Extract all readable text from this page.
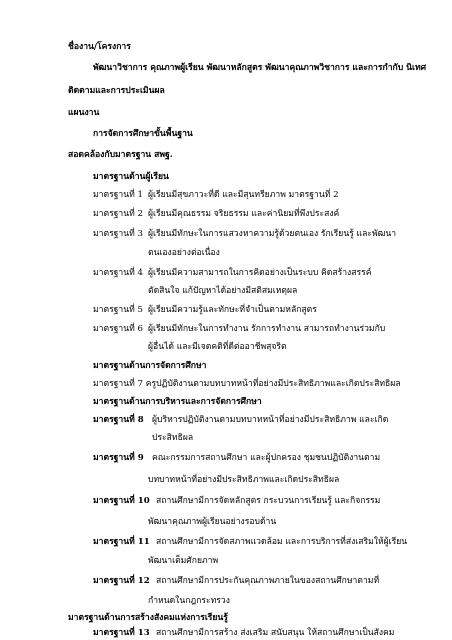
ชื่องาน/โครงการ
พัฒนาวิชาการ คุณภาพผู้เรียน พัฒนาหลักสูตร พัฒนาคุณภาพวิชาการ และการกำกับ นิเทศ
ติดตามและการประเมินผล
แผนงาน
การจัดการศึกษาขั้นพื้นฐาน
สอดคล้องกับมาตรฐาน สพฐ.
มาตรฐานด้านผู้เรียน
มาตรฐานที่ 1 ผู้เรียนมีสุขภาวะที่ดี และมีสุนทรียภาพ มาตรฐานที่ 2
มาตรฐานที่ 2 ผู้เรียนมีคุณธรรม จริยธรรม และค่านิยมที่พึงประสงค์
มาตรฐานที่ 3 ผู้เรียนมีทักษะในการแสวงหาความรู้ด้วยตนเอง รักเรียนรู้ และพัฒนา
ตนเองอย่างต่อเนื่อง
มาตรฐานที่ 4 ผู้เรียนมีความสามารถในการคิดอย่างเป็นระบบ คิดสร้างสรรค์
ตัดสินใจ แก้ปัญหาได้อย่างมีสติสมเหตุผล
มาตรฐานที่ 5 ผู้เรียนมีความรู้และทักษะที่จำเป็นตามหลักสูตร
มาตรฐานที่ 6 ผู้เรียนมีทักษะในการทำงาน รักการทำงาน สามารถทำงานร่วมกับ
ผู้อื่นได้ และมีเจตคติที่ดีต่ออาชีพสุจริต
มาตรฐานด้านการจัดการศึกษา
มาตรฐานที่ 7 ครูปฏิบัติงานตามบทบาทหน้าที่อย่างมีประสิทธิภาพและเกิดประสิทธิผล
มาตรฐานด้านการบริหารและการจัดการศึกษา
มาตรฐานที่ 8 ผู้บริหารปฏิบัติงานตามบทบาทหน้าที่อย่างมีประสิทธิภาพ และเกิด
ประสิทธิผล
มาตรฐานที่ 9 คณะกรรมการสถานศึกษา และผู้ปกครอง ชุมชนปฏิบัติงานตาม
บทบาทหน้าที่อย่างมีประสิทธิภาพและเกิดประสิทธิผล
มาตรฐานที่ 10 สถานศึกษามีการจัดหลักสูตร กระบวนการเรียนรู้ และกิจกรรม
พัฒนาคุณภาพผู้เรียนอย่างรอบด้าน
มาตรฐานที่ 11 สถานศึกษามีการจัดสภาพแวดล้อม และการบริการที่ส่งเสริมให้ผู้เรียน
พัฒนาเต็มศักยภาพ
มาตรฐานที่ 12 สถานศึกษามีการประกันคุณภาพภายในของสถานศึกษาตามที่
กำหนดในกฎกระทรวง
มาตรฐานด้านการสร้างสังคมแห่งการเรียนรู้
มาตรฐานที่ 13 สถานศึกษามีการสร้าง ส่งเสริม สนับสนุน ให้สถานศึกษาเป็นสังคม
